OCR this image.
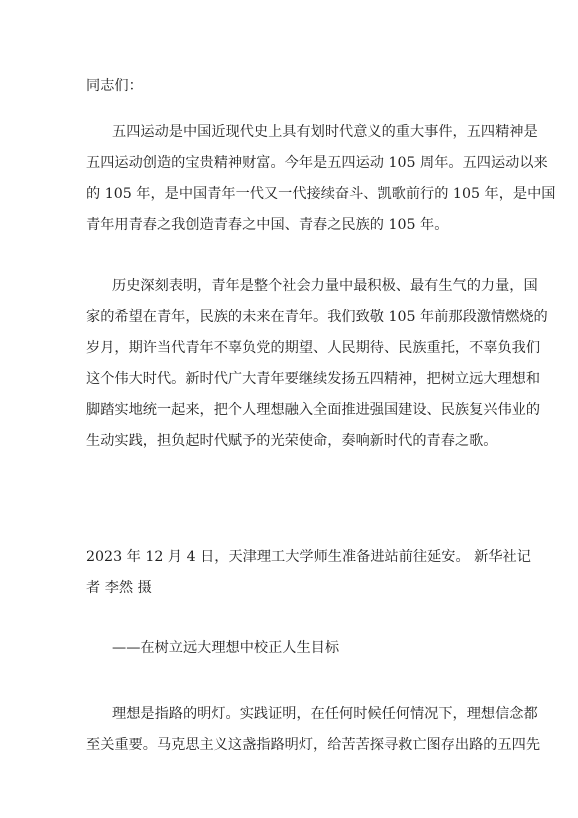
同志们：

五四运动是中国近现代史上具有划时代意义的重大事件，五四精神是

五四运动创造的宝贵精神财富。今年是五四运动 105 周年。五四运动以来

的 105 年，是中国青年一代又一代接续奋斗、凯歌前行的 105 年，是中国

青年用青春之我创造青春之中国、青春之民族的 105 年。

历史深刻表明，青年是整个社会力量中最积极、最有生气的力量，国

家的希望在青年，民族的未来在青年。我们致敬 105 年前那段激情燃烧的

岁月，期许当代青年不辜负党的期望、人民期待、民族重托，不辜负我们

这个伟大时代。新时代广大青年要继续发扬五四精神，把树立远大理想和

脚踏实地统一起来，把个人理想融入全面推进强国建设、民族复兴伟业的

生动实践，担负起时代赋予的光荣使命，奏响新时代的青春之歌。

2023 年 12 月 4 日，天津理工大学师生准备进站前往延安。 新华社记

者 李然 摄

——在树立远大理想中校正人生目标

理想是指路的明灯。实践证明，在任何时候任何情况下，理想信念都

至关重要。马克思主义这盏指路明灯，给苦苦探寻救亡图存出路的五四先
